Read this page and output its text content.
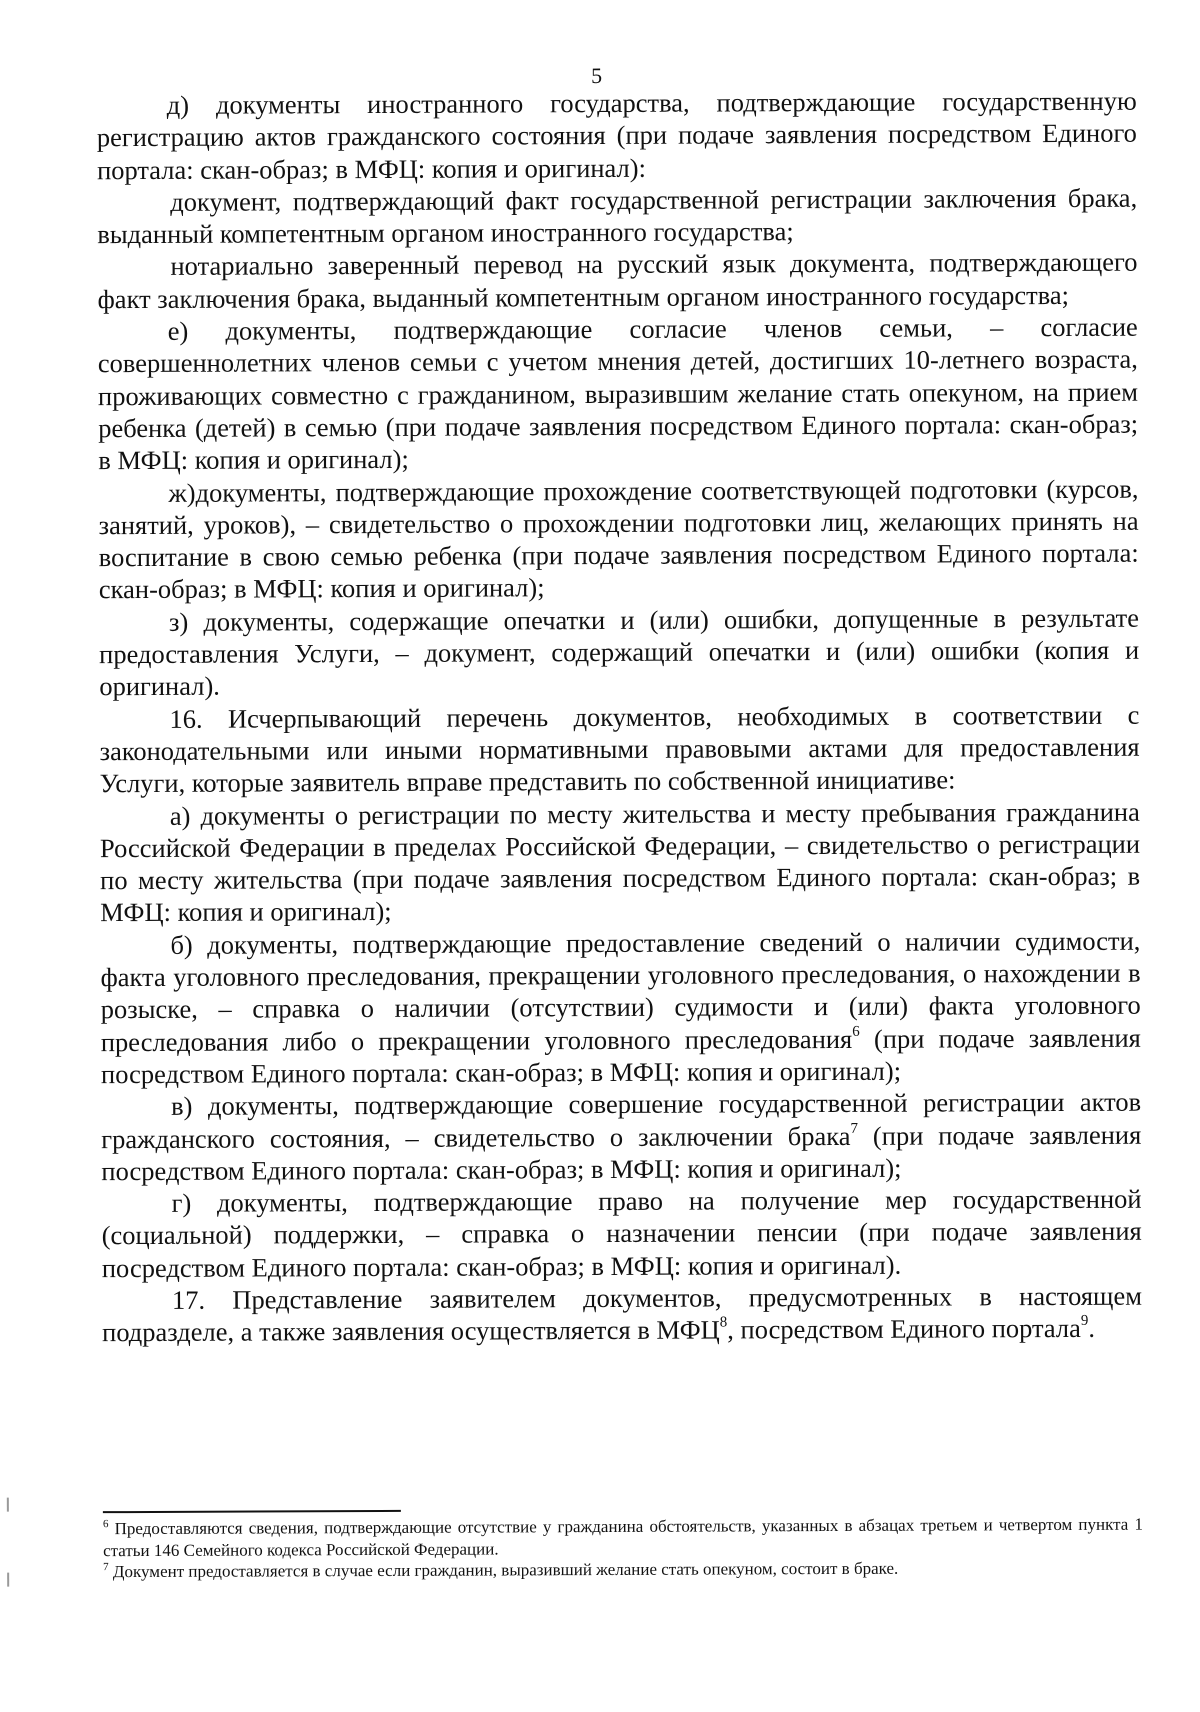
5

д) документы иностранного государства, подтверждающие государственную регистрацию актов гражданского состояния (при подаче заявления посредством Единого портала: скан-образ; в МФЦ: копия и оригинал):

документ, подтверждающий факт государственной регистрации заключения брака, выданный компетентным органом иностранного государства;

нотариально заверенный перевод на русский язык документа, подтверждающего факт заключения брака, выданный компетентным органом иностранного государства;

е) документы, подтверждающие согласие членов семьи, – согласие совершеннолетних членов семьи с учетом мнения детей, достигших 10-летнего возраста, проживающих совместно с гражданином, выразившим желание стать опекуном, на прием ребенка (детей) в семью (при подаче заявления посредством Единого портала: скан-образ; в МФЦ: копия и оригинал);

ж)документы, подтверждающие прохождение соответствующей подготовки (курсов, занятий, уроков), – свидетельство о прохождении подготовки лиц, желающих принять на воспитание в свою семью ребенка (при подаче заявления посредством Единого портала: скан-образ; в МФЦ: копия и оригинал);

з) документы, содержащие опечатки и (или) ошибки, допущенные в результате предоставления Услуги, – документ, содержащий опечатки и (или) ошибки (копия и оригинал).

16. Исчерпывающий перечень документов, необходимых в соответствии с законодательными или иными нормативными правовыми актами для предоставления Услуги, которые заявитель вправе представить по собственной инициативе:

а) документы о регистрации по месту жительства и месту пребывания гражданина Российской Федерации в пределах Российской Федерации, – свидетельство о регистрации по месту жительства (при подаче заявления посредством Единого портала: скан-образ; в МФЦ: копия и оригинал);

б) документы, подтверждающие предоставление сведений о наличии судимости, факта уголовного преследования, прекращении уголовного преследования, о нахождении в розыске, – справка о наличии (отсутствии) судимости и (или) факта уголовного преследования либо о прекращении уголовного преследования$^6$ (при подаче заявления посредством Единого портала: скан-образ; в МФЦ: копия и оригинал);

в) документы, подтверждающие совершение государственной регистрации актов гражданского состояния, – свидетельство о заключении брака$^7$ (при подаче заявления посредством Единого портала: скан-образ; в МФЦ: копия и оригинал);

г) документы, подтверждающие право на получение мер государственной (социальной) поддержки, – справка о назначении пенсии (при подаче заявления посредством Единого портала: скан-образ; в МФЦ: копия и оригинал).

17. Представление заявителем документов, предусмотренных в настоящем подразделе, а также заявления осуществляется в МФЦ$^8$, посредством Единого портала$^9$.

$^6$ Предоставляются сведения, подтверждающие отсутствие у гражданина обстоятельств, указанных в абзацах третьем и четвертом пункта 1 статьи 146 Семейного кодекса Российской Федерации.

$^7$ Документ предоставляется в случае если гражданин, выразивший желание стать опекуном, состоит в браке.
